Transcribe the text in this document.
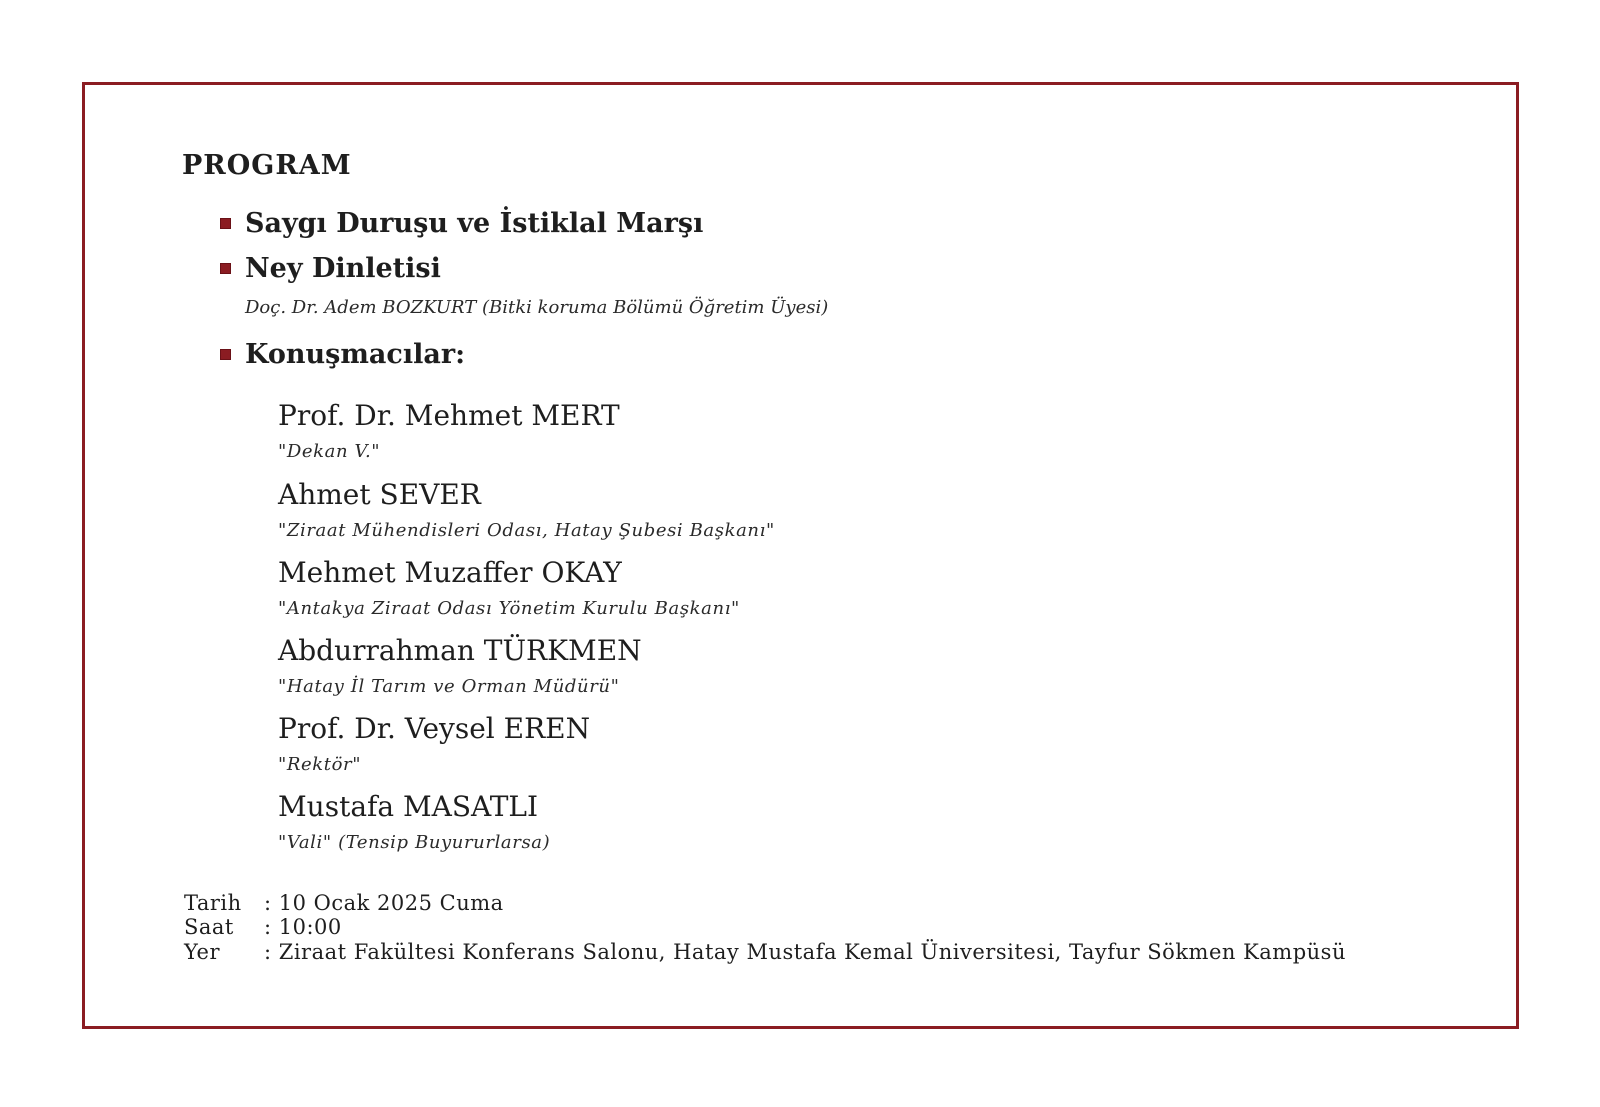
PROGRAM
Saygı Duruşu ve İstiklal Marşı
Ney Dinletisi
Doç. Dr. Adem BOZKURT (Bitki koruma Bölümü Öğretim Üyesi)
Konuşmacılar:
Prof. Dr. Mehmet MERT
"Dekan V."
Ahmet SEVER
"Ziraat Mühendisleri Odası, Hatay Şubesi Başkanı"
Mehmet Muzaffer OKAY
"Antakya Ziraat Odası Yönetim Kurulu Başkanı"
Abdurrahman TÜRKMEN
"Hatay İl Tarım ve Orman Müdürü"
Prof. Dr. Veysel EREN
"Rektör"
Mustafa MASATLI
"Vali" (Tensip Buyururlarsa)
Tarih : 10 Ocak 2025 Cuma
Saat : 10:00
Yer : Ziraat Fakültesi Konferans Salonu, Hatay Mustafa Kemal Üniversitesi, Tayfur Sökmen Kampüsü
